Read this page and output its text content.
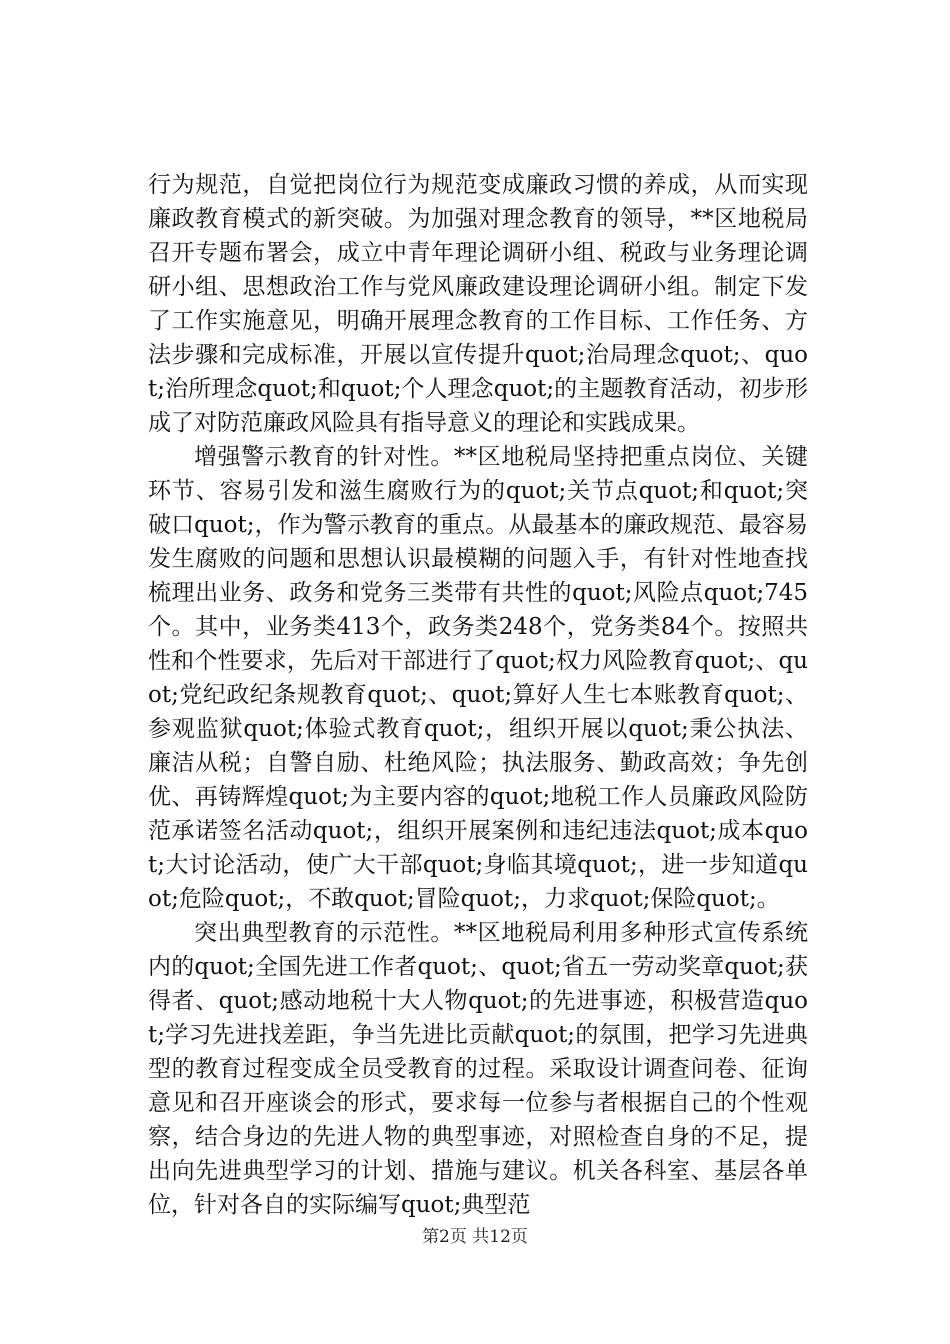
行为规范，自觉把岗位行为规范变成廉政习惯的养成，从而实现廉政教育模式的新突破。为加强对理念教育的领导，**区地税局召开专题布署会，成立中青年理论调研小组、税政与业务理论调研小组、思想政治工作与党风廉政建设理论调研小组。制定下发了工作实施意见，明确开展理念教育的工作目标、工作任务、方法步骤和完成标准，开展以宣传提升quot;治局理念quot;、quot;治所理念quot;和quot;个人理念quot;的主题教育活动，初步形成了对防范廉政风险具有指导意义的理论和实践成果。

增强警示教育的针对性。**区地税局坚持把重点岗位、关键环节、容易引发和滋生腐败行为的quot;关节点quot;和quot;突破口quot;，作为警示教育的重点。从最基本的廉政规范、最容易发生腐败的问题和思想认识最模糊的问题入手，有针对性地查找梳理出业务、政务和党务三类带有共性的quot;风险点quot;745个。其中，业务类413个，政务类248个，党务类84个。按照共性和个性要求，先后对干部进行了quot;权力风险教育quot;、quot;党纪政纪条规教育quot;、quot;算好人生七本账教育quot;、参观监狱quot;体验式教育quot;，组织开展以quot;秉公执法、廉洁从税；自警自励、杜绝风险；执法服务、勤政高效；争先创优、再铸辉煌quot;为主要内容的quot;地税工作人员廉政风险防范承诺签名活动quot;，组织开展案例和违纪违法quot;成本quot;大讨论活动，使广大干部quot;身临其境quot;，进一步知道quot;危险quot;，不敢quot;冒险quot;，力求quot;保险quot;。

突出典型教育的示范性。**区地税局利用多种形式宣传系统内的quot;全国先进工作者quot;、quot;省五一劳动奖章quot;获得者、quot;感动地税十大人物quot;的先进事迹，积极营造quot;学习先进找差距，争当先进比贡献quot;的氛围，把学习先进典型的教育过程变成全员受教育的过程。采取设计调查问卷、征询意见和召开座谈会的形式，要求每一位参与者根据自己的个性观察，结合身边的先进人物的典型事迹，对照检查自身的不足，提出向先进典型学习的计划、措施与建议。机关各科室、基层各单位，针对各自的实际编写quot;典型范

第2页 共12页
